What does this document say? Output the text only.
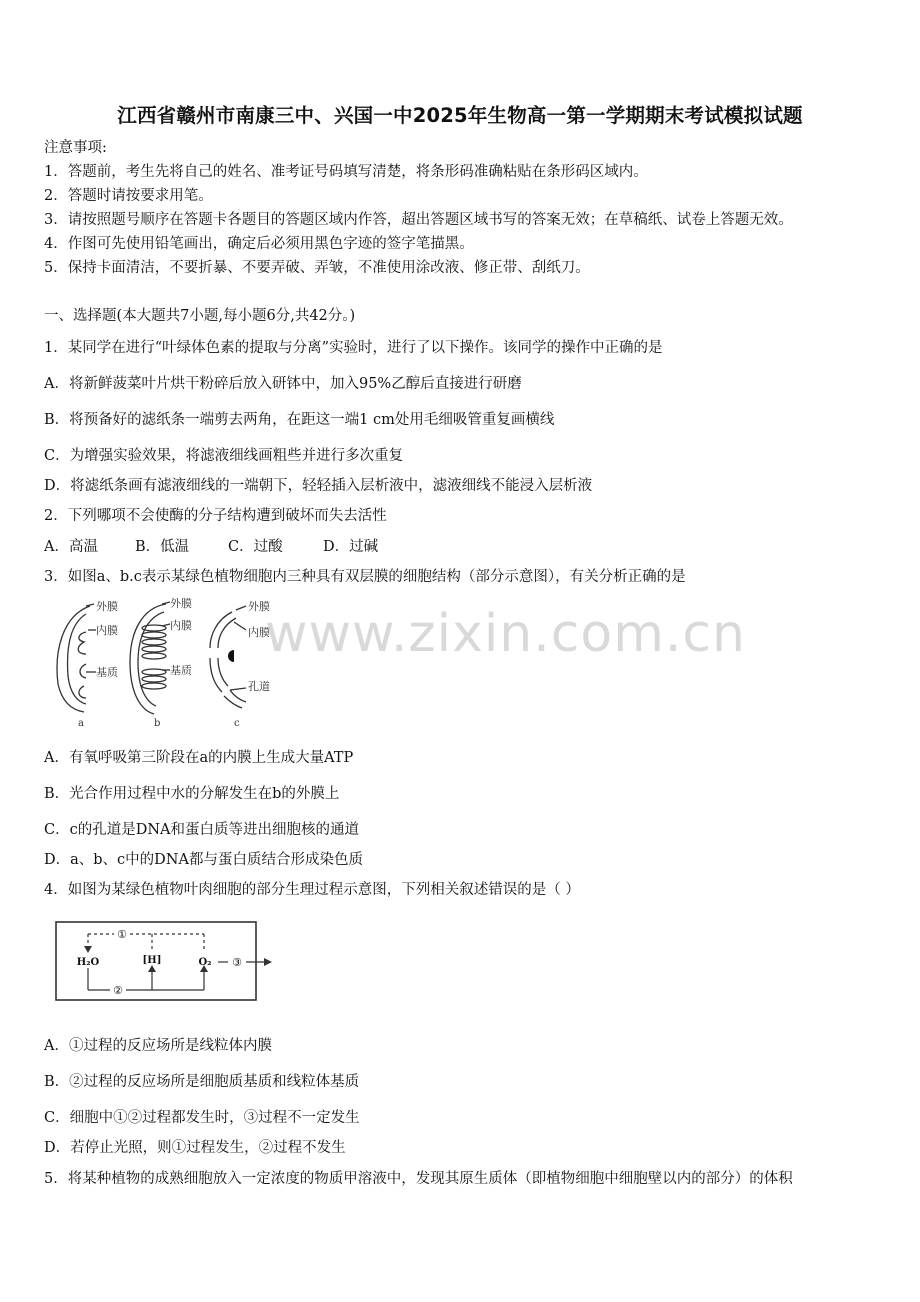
www.zixin.com.cn
江西省赣州市南康三中、兴国一中2025年生物高一第一学期期末考试模拟试题
注意事项:
1．答题前，考生先将自己的姓名、准考证号码填写清楚，将条形码准确粘贴在条形码区域内。
2．答题时请按要求用笔。
3．请按照题号顺序在答题卡各题目的答题区域内作答，超出答题区域书写的答案无效；在草稿纸、试卷上答题无效。
4．作图可先使用铅笔画出，确定后必须用黑色字迹的签字笔描黑。
5．保持卡面清洁，不要折暴、不要弄破、弄皱，不准使用涂改液、修正带、刮纸刀。
一、选择题(本大题共7小题,每小题6分,共42分。)
1．某同学在进行“叶绿体色素的提取与分离”实验时，进行了以下操作。该同学的操作中正确的是
A．将新鲜菠菜叶片烘干粉碎后放入研钵中，加入95%乙醇后直接进行研磨
B．将预备好的滤纸条一端剪去两角，在距这一端1 cm处用毛细吸管重复画横线
C．为增强实验效果，将滤液细线画粗些并进行多次重复
D．将滤纸条画有滤液细线的一端朝下，轻轻插入层析液中，滤液细线不能浸入层析液
2．下列哪项不会使酶的分子结构遭到破坏而失去活性
A．高温	B．低温	C．过酸	D．过碱
3．如图a、b.c表示某绿色植物细胞内三种具有双层膜的细胞结构（部分示意图），有关分析正确的是
外膜
内膜
基质
a
外膜
内膜
基质
b
外膜
内膜
孔道
c
A．有氧呼吸第三阶段在a的内膜上生成大量ATP
B．光合作用过程中水的分解发生在b的外膜上
C．c的孔道是DNA和蛋白质等进出细胞核的通道
D．a、b、c中的DNA都与蛋白质结合形成染色质
4．如图为某绿色植物叶肉细胞的部分生理过程示意图，下列相关叙述错误的是（ ）
①
②
③
H₂O	[H]	O₂
A．①过程的反应场所是线粒体内膜
B．②过程的反应场所是细胞质基质和线粒体基质
C．细胞中①②过程都发生时，③过程不一定发生
D．若停止光照，则①过程发生，②过程不发生
5．将某种植物的成熟细胞放入一定浓度的物质甲溶液中，发现其原生质体（即植物细胞中细胞壁以内的部分）的体积
